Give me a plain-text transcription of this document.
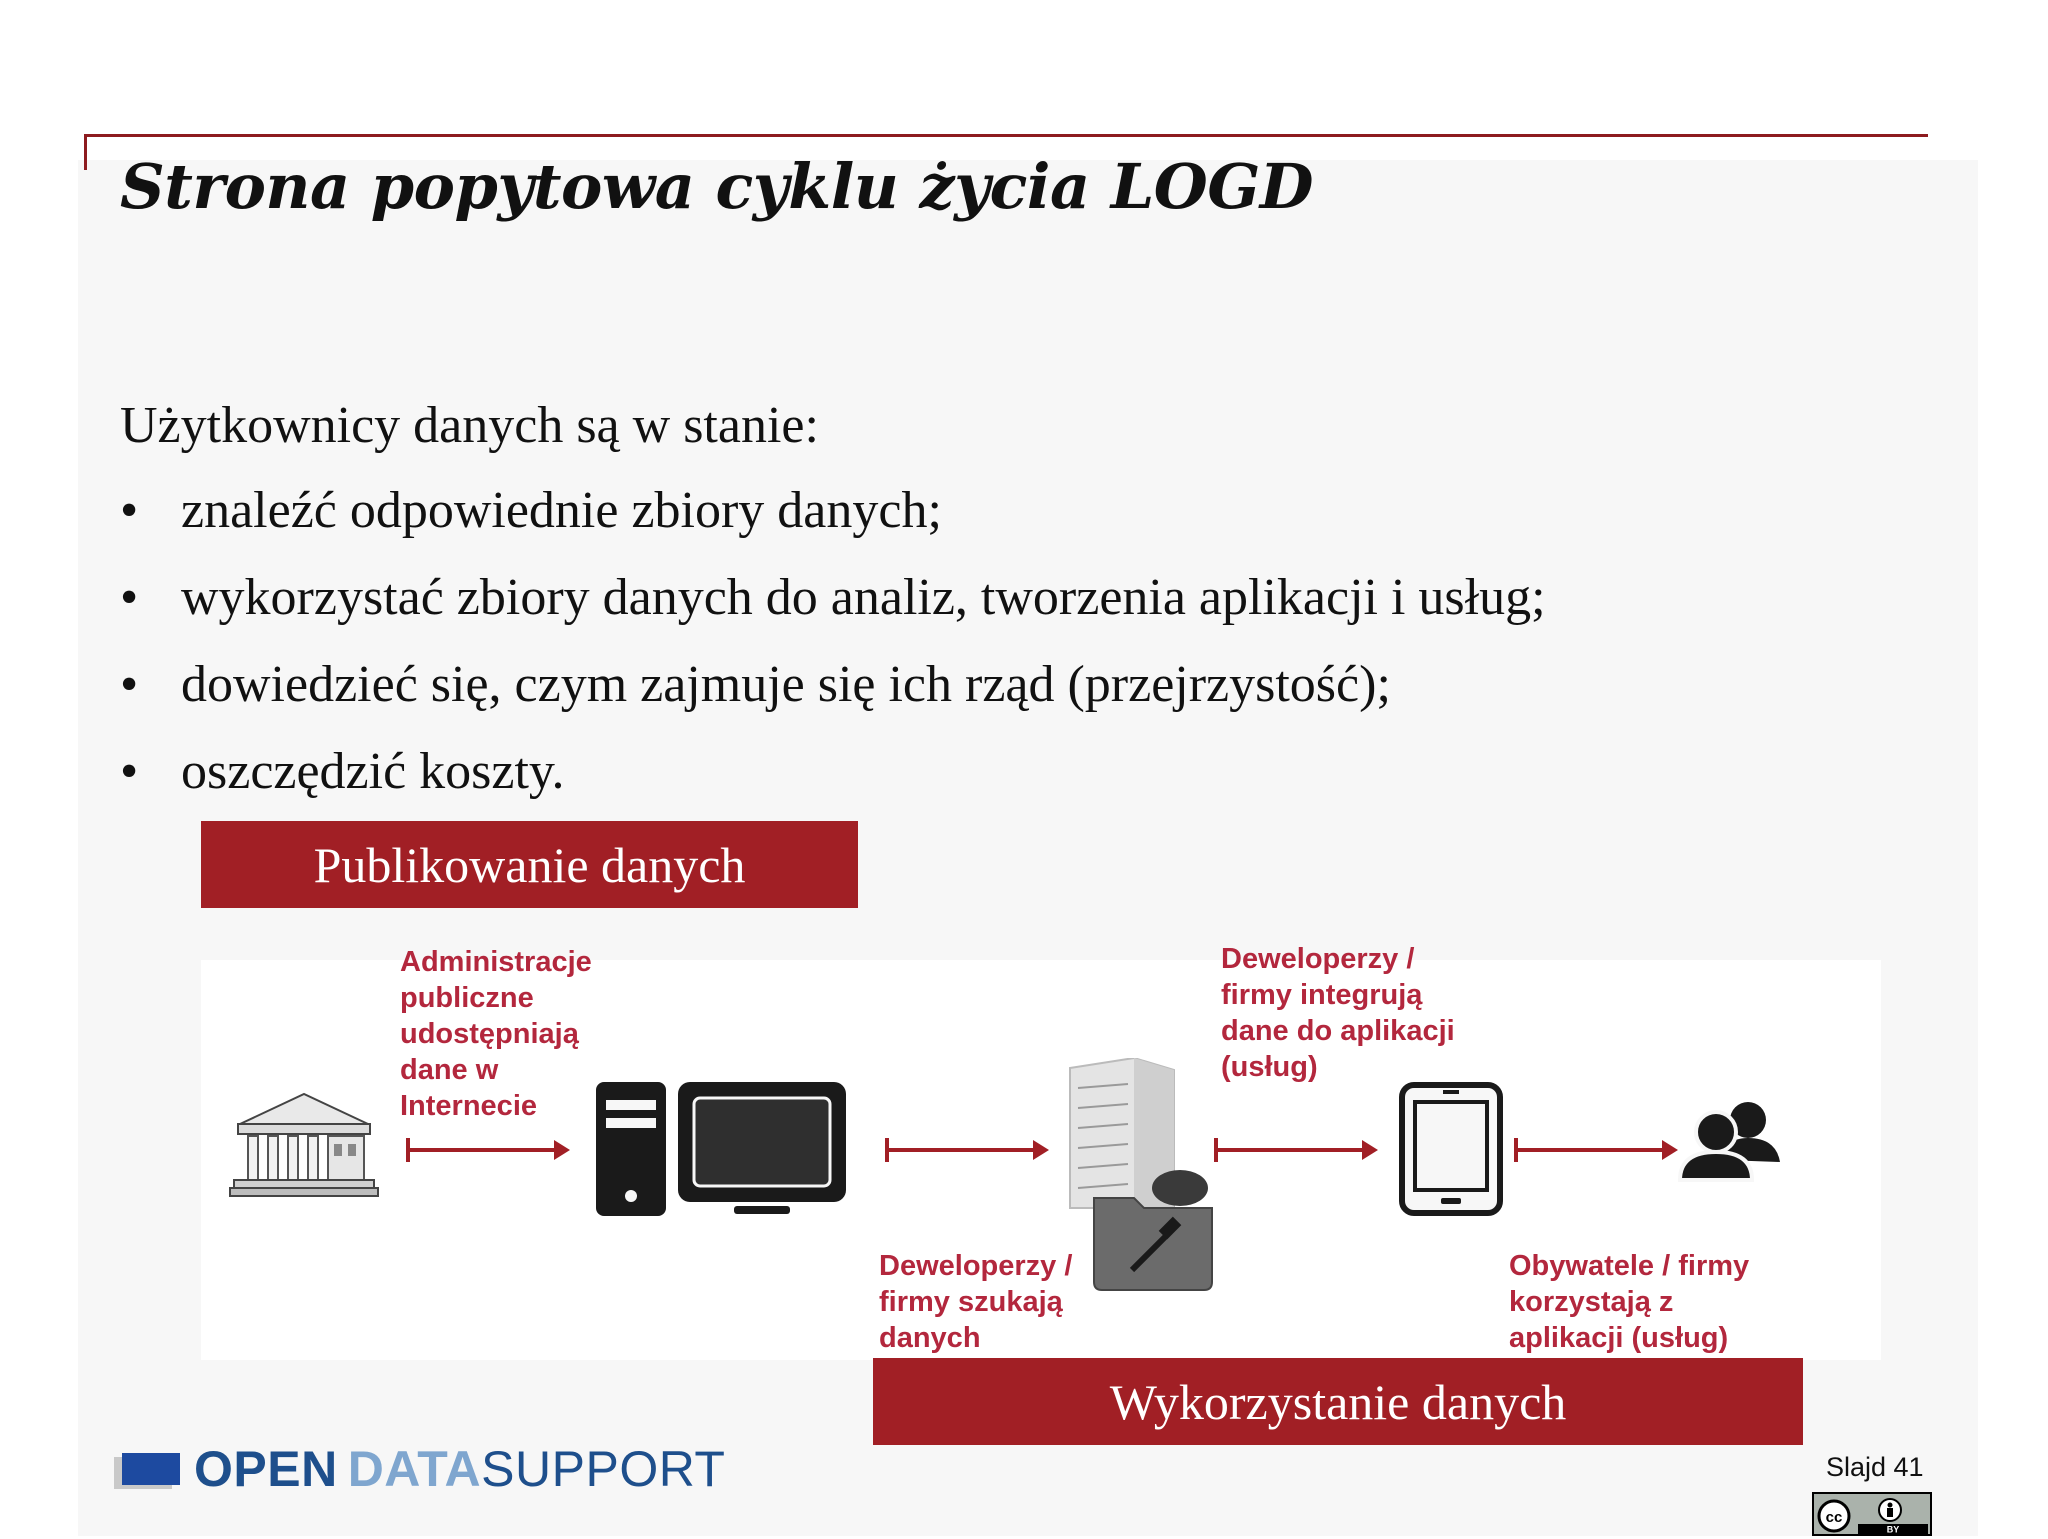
Strona popytowa cyklu życia LOGD

Użytkownicy danych są w stanie:

• znaleźć odpowiednie zbiory danych;
• wykorzystać zbiory danych do analiz, tworzenia aplikacji i usług;
• dowiedzieć się, czym zajmuje się ich rząd (przejrzystość);
• oszczędzić koszty.
Publikowanie danych
Administracje
publiczne
udostępniają
dane w
Internecie
Deweloperzy /
firmy integrują
dane do aplikacji
(usług)
Deweloperzy /
firmy szukają
danych
Obywatele / firmy
korzystają z
aplikacji (usług)
Wykorzystanie danych
OPEN DATASUPPORT	Slajd 41
cc
BY
